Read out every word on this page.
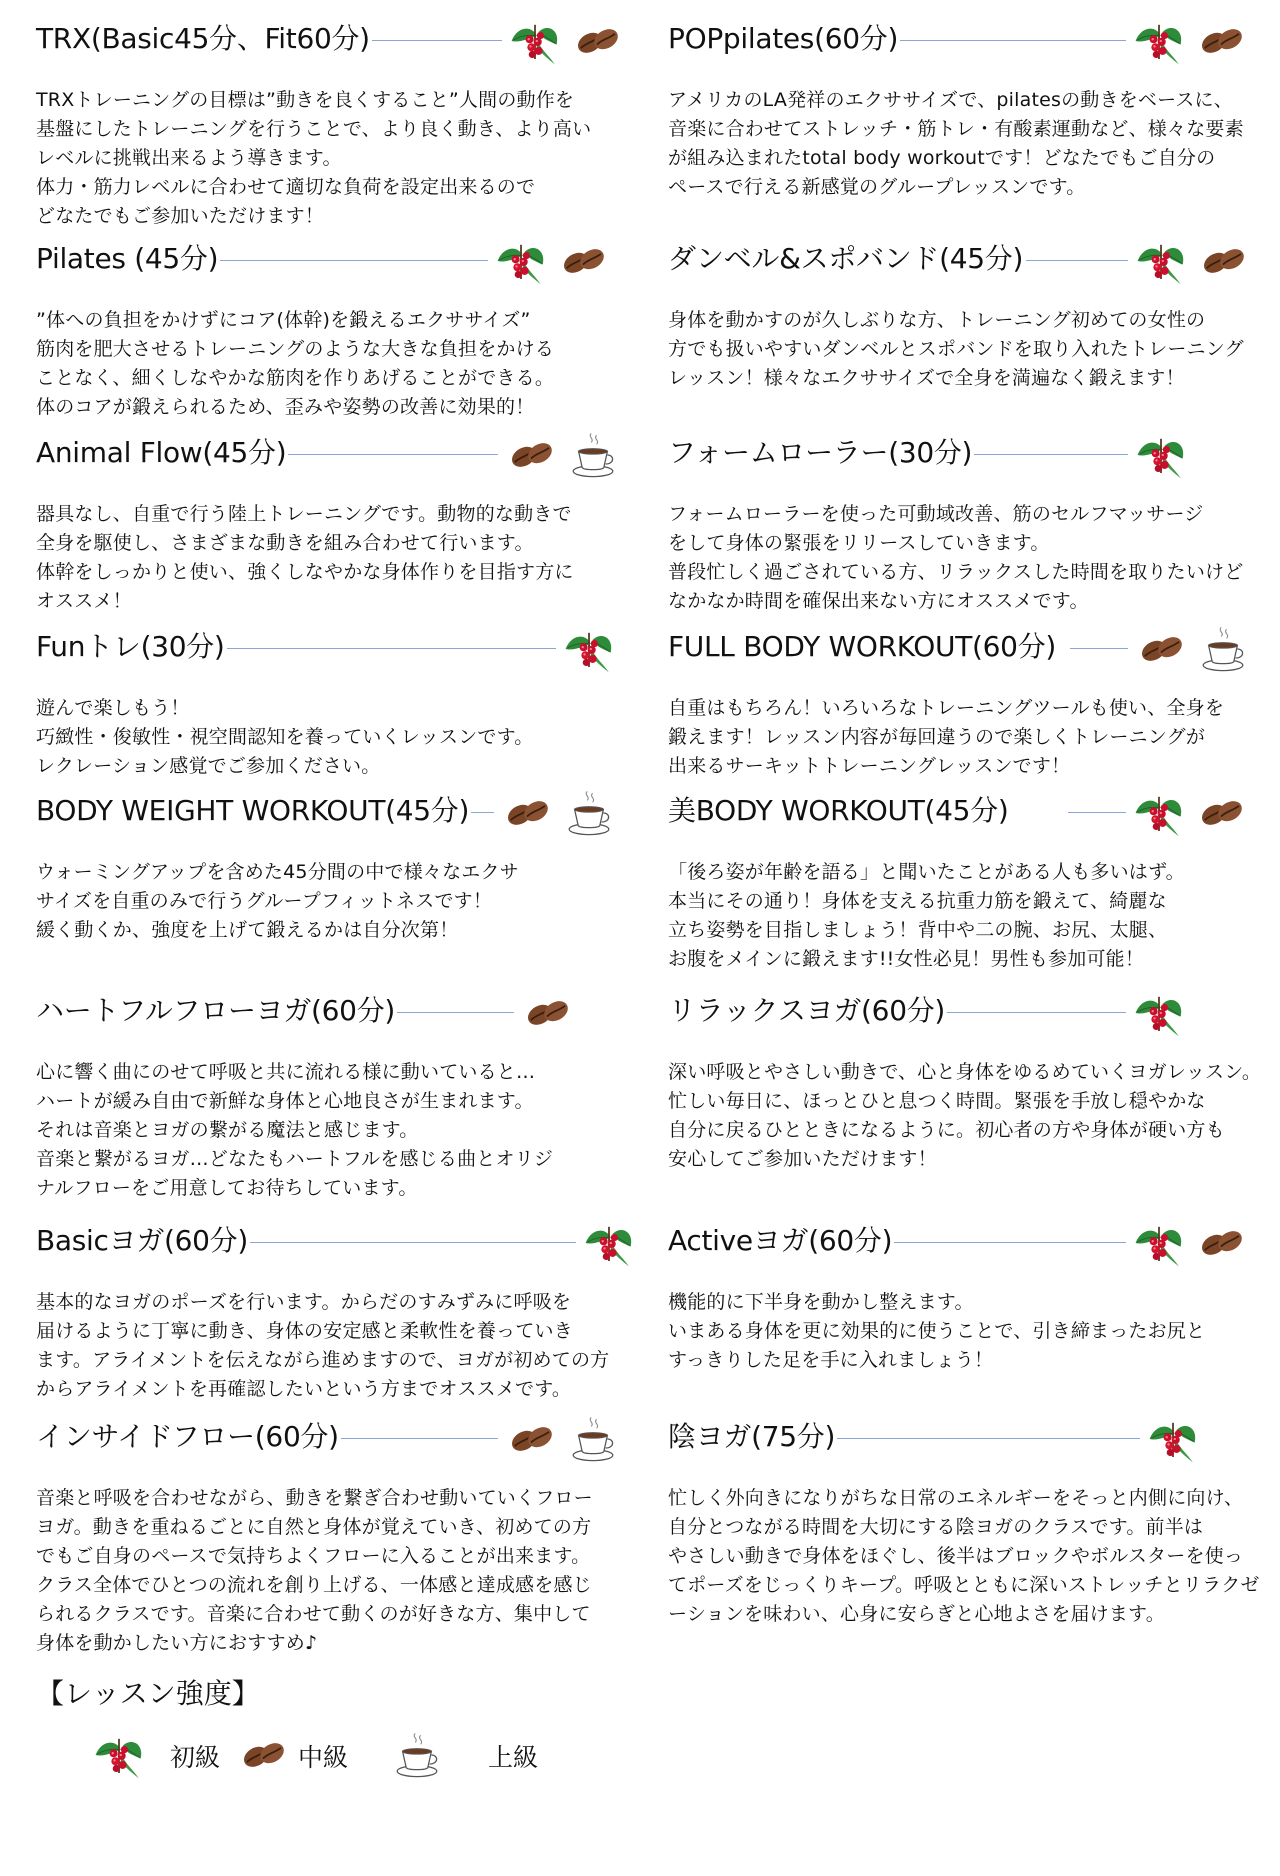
TRX(Basic45分、Fit60分)
TRXトレーニングの目標は”動きを良くすること”人間の動作を
基盤にしたトレーニングを行うことで、より良く動き、より高い
レベルに挑戦出来るよう導きます。
体力・筋力レベルに合わせて適切な負荷を設定出来るので
どなたでもご参加いただけます！
POPpilates(60分)
アメリカのLA発祥のエクササイズで、pilatesの動きをベースに、
音楽に合わせてストレッチ・筋トレ・有酸素運動など、様々な要素
が組み込まれたtotal body workoutです！どなたでもご自分の
ペースで行える新感覚のグループレッスンです。
Pilates (45分)
”体への負担をかけずにコア(体幹)を鍛えるエクササイズ”
筋肉を肥大させるトレーニングのような大きな負担をかける
ことなく、細くしなやかな筋肉を作りあげることができる。
体のコアが鍛えられるため、歪みや姿勢の改善に効果的！
ダンベル&スポバンド(45分)
身体を動かすのが久しぶりな方、トレーニング初めての女性の
方でも扱いやすいダンベルとスポバンドを取り入れたトレーニング
レッスン！様々なエクササイズで全身を満遍なく鍛えます！
Animal Flow(45分)
器具なし、自重で行う陸上トレーニングです。動物的な動きで
全身を駆使し、さまざまな動きを組み合わせて行います。
体幹をしっかりと使い、強くしなやかな身体作りを目指す方に
オススメ！
フォームローラー(30分)
フォームローラーを使った可動域改善、筋のセルフマッサージ
をして身体の緊張をリリースしていきます。
普段忙しく過ごされている方、リラックスした時間を取りたいけど
なかなか時間を確保出来ない方にオススメです。
Funトレ(30分)
遊んで楽しもう！
巧緻性・俊敏性・視空間認知を養っていくレッスンです。
レクレーション感覚でご参加ください。
FULL BODY WORKOUT(60分)
自重はもちろん！いろいろなトレーニングツールも使い、全身を
鍛えます！レッスン内容が毎回違うので楽しくトレーニングが
出来るサーキットトレーニングレッスンです！
BODY WEIGHT WORKOUT(45分)
ウォーミングアップを含めた45分間の中で様々なエクサ
サイズを自重のみで行うグループフィットネスです！
緩く動くか、強度を上げて鍛えるかは自分次第！
美BODY WORKOUT(45分)
「後ろ姿が年齢を語る」と聞いたことがある人も多いはず。
本当にその通り！身体を支える抗重力筋を鍛えて、綺麗な
立ち姿勢を目指しましょう！背中や二の腕、お尻、太腿、
お腹をメインに鍛えます!!女性必見！男性も参加可能！
ハートフルフローヨガ(60分)
心に響く曲にのせて呼吸と共に流れる様に動いていると…
ハートが緩み自由で新鮮な身体と心地良さが生まれます。
それは音楽とヨガの繋がる魔法と感じます。
音楽と繋がるヨガ…どなたもハートフルを感じる曲とオリジ
ナルフローをご用意してお待ちしています。
リラックスヨガ(60分)
深い呼吸とやさしい動きで、心と身体をゆるめていくヨガレッスン。
忙しい毎日に、ほっとひと息つく時間。緊張を手放し穏やかな
自分に戻るひとときになるように。初心者の方や身体が硬い方も
安心してご参加いただけます！
Basicヨガ(60分)
基本的なヨガのポーズを行います。からだのすみずみに呼吸を
届けるように丁寧に動き、身体の安定感と柔軟性を養っていき
ます。アライメントを伝えながら進めますので、ヨガが初めての方
からアライメントを再確認したいという方までオススメです。
Activeヨガ(60分)
機能的に下半身を動かし整えます。
いまある身体を更に効果的に使うことで、引き締まったお尻と
すっきりした足を手に入れましょう！
インサイドフロー(60分)
音楽と呼吸を合わせながら、動きを繋ぎ合わせ動いていくフロー
ヨガ。動きを重ねるごとに自然と身体が覚えていき、初めての方
でもご自身のペースで気持ちよくフローに入ることが出来ます。
クラス全体でひとつの流れを創り上げる、一体感と達成感を感じ
られるクラスです。音楽に合わせて動くのが好きな方、集中して
身体を動かしたい方におすすめ♪
陰ヨガ(75分)
忙しく外向きになりがちな日常のエネルギーをそっと内側に向け、
自分とつながる時間を大切にする陰ヨガのクラスです。前半は
やさしい動きで身体をほぐし、後半はブロックやボルスターを使っ
てポーズをじっくりキープ。呼吸とともに深いストレッチとリラクゼ
ーションを味わい、心身に安らぎと心地よさを届けます。
【レッスン強度】
初級	中級	上級
